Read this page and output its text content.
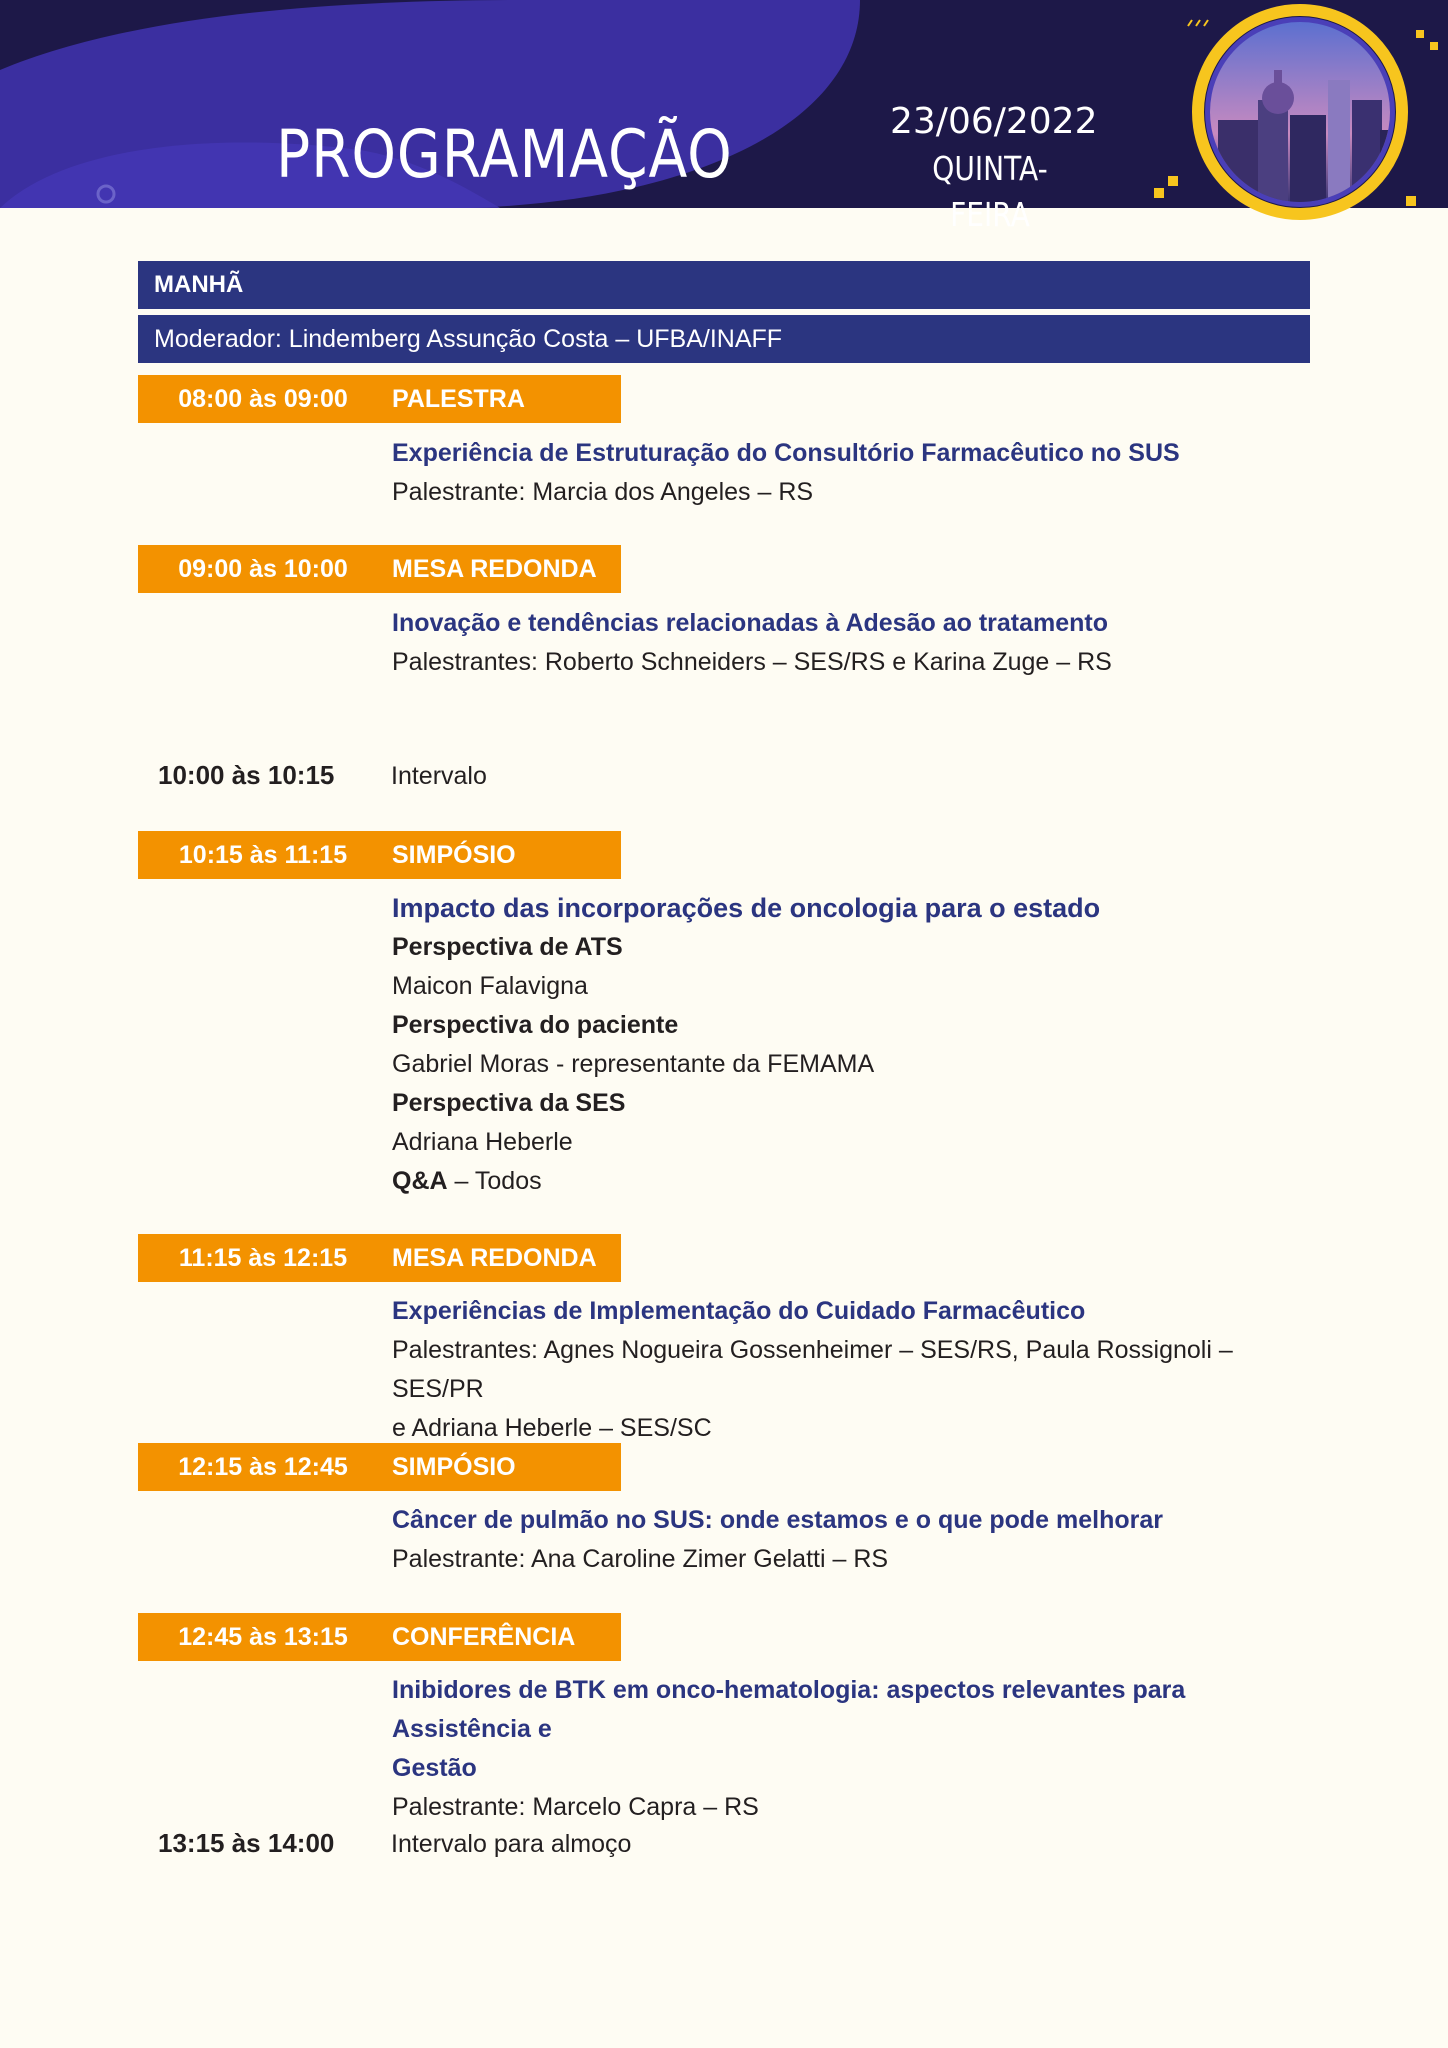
PROGRAMAÇÃO	23/06/2022
QUINTA-FEIRA
MANHÃ
Moderador: Lindemberg Assunção Costa – UFBA/INAFF
08:00 às 09:00	PALESTRA
Experiência de Estruturação do Consultório Farmacêutico no SUS
Palestrante: Marcia dos Angeles – RS
09:00 às 10:00	MESA REDONDA
Inovação e tendências relacionadas à Adesão ao tratamento
Palestrantes: Roberto Schneiders – SES/RS e Karina Zuge – RS
10:00 às 10:15 Intervalo
10:15 às 11:15	SIMPÓSIO
Impacto das incorporações de oncologia para o estado
Perspectiva de ATS
Maicon Falavigna
Perspectiva do paciente
Gabriel Moras - representante da FEMAMA
Perspectiva da SES
Adriana Heberle
Q&A – Todos
11:15 às 12:15	MESA REDONDA
Experiências de Implementação do Cuidado Farmacêutico
Palestrantes: Agnes Nogueira Gossenheimer – SES/RS, Paula Rossignoli – SES/PR
e Adriana Heberle – SES/SC
12:15 às 12:45	SIMPÓSIO
Câncer de pulmão no SUS: onde estamos e o que pode melhorar
Palestrante: Ana Caroline Zimer Gelatti – RS
12:45 às 13:15	CONFERÊNCIA
Inibidores de BTK em onco-hematologia: aspectos relevantes para Assistência e
Gestão
Palestrante: Marcelo Capra – RS
13:15 às 14:00 Intervalo para almoço
